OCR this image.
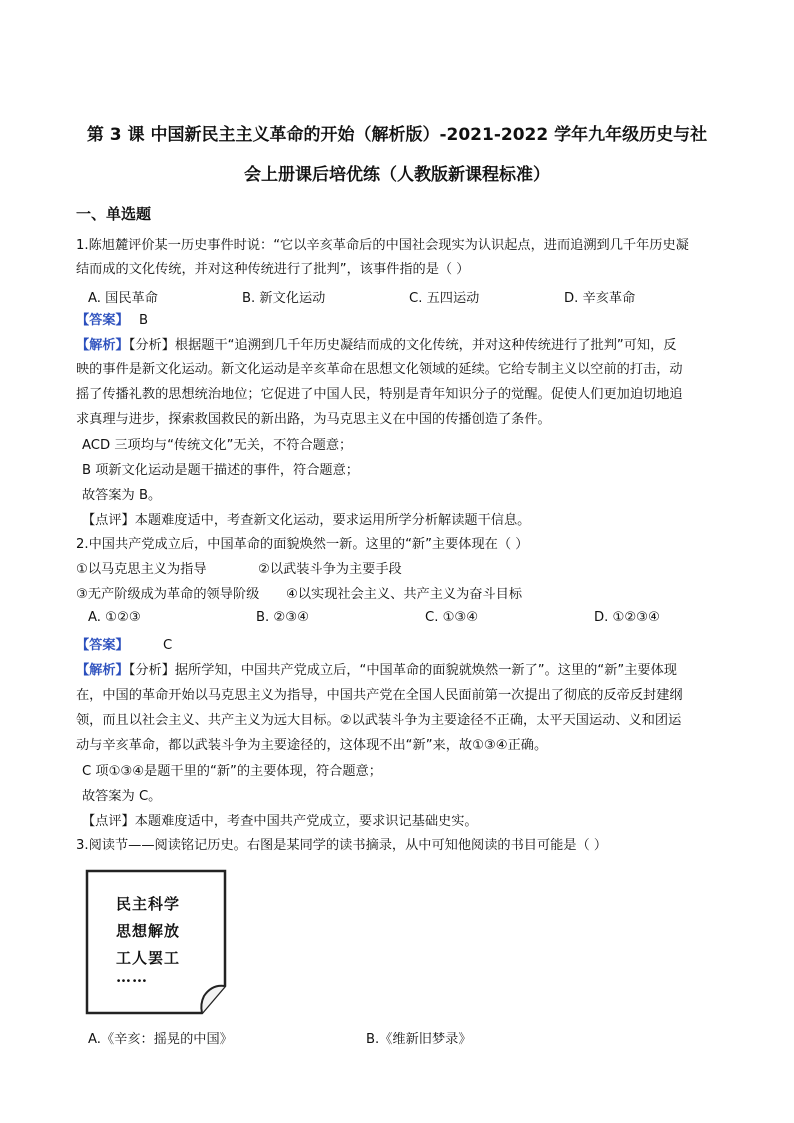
第 3 课 中国新民主主义革命的开始（解析版）-2021-2022 学年九年级历史与社
会上册课后培优练（人教版新课程标准）
一、单选题
1.陈旭麓评价某一历史事件时说：“它以辛亥革命后的中国社会现实为认识起点，进而追溯到几千年历史凝
结而成的文化传统，并对这种传统进行了批判”，该事件指的是（ ）
A. 国民革命	B. 新文化运动	C. 五四运动	D. 辛亥革命
【答案】 B
【解析】【分析】根据题干“追溯到几千年历史凝结而成的文化传统，并对这种传统进行了批判”可知，反
映的事件是新文化运动。新文化运动是辛亥革命在思想文化领域的延续。它给专制主义以空前的打击，动
摇了传播礼教的思想统治地位；它促进了中国人民，特别是青年知识分子的觉醒。促使人们更加迫切地追
求真理与进步，探索救国救民的新出路，为马克思主义在中国的传播创造了条件。
ACD 三项均与“传统文化”无关，不符合题意；
B 项新文化运动是题干描述的事件，符合题意；
故答案为 B。
【点评】本题难度适中，考查新文化运动，要求运用所学分析解读题干信息。
2.中国共产党成立后，中国革命的面貌焕然一新。这里的“新”主要体现在（ ）
①以马克思主义为指导	②以武装斗争为主要手段
③无产阶级成为革命的领导阶级 ④以实现社会主义、共产主义为奋斗目标
A. ①②③	B. ②③④	C. ①③④	D. ①②③④
【答案】	C
【解析】【分析】据所学知，中国共产党成立后，“中国革命的面貌就焕然一新了”。这里的“新”主要体现
在，中国的革命开始以马克思主义为指导，中国共产党在全国人民面前第一次提出了彻底的反帝反封建纲
领，而且以社会主义、共产主义为远大目标。②以武装斗争为主要途径不正确，太平天国运动、义和团运
动与辛亥革命，都以武装斗争为主要途径的，这体现不出“新”来，故①③④正确。
C 项①③④是题干里的“新”的主要体现，符合题意；
故答案为 C。
【点评】本题难度适中，考查中国共产党成立，要求识记基础史实。
3.阅读节——阅读铭记历史。右图是某同学的读书摘录，从中可知他阅读的书目可能是（ ）
民主科学
思想解放
工人罢工
……
A.《辛亥：摇晃的中国》	B.《维新旧梦录》
